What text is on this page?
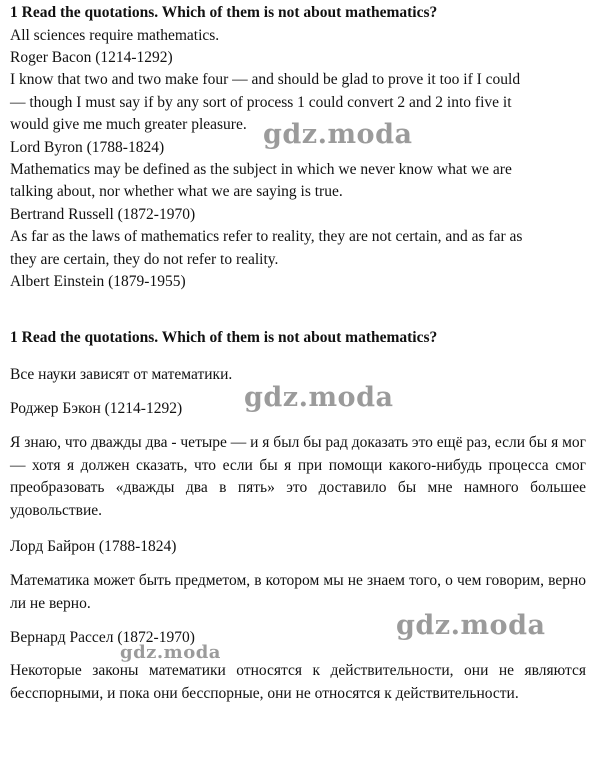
1 Read the quotations. Which of them is not about mathematics?
All sciences require mathematics.
Roger Bacon (1214-1292)
I know that two and two make four — and should be glad to prove it too if I could
— though I must say if by any sort of process 1 could convert 2 and 2 into five it
would give me much greater pleasure.
Lord Byron (1788-1824)
Mathematics may be defined as the subject in which we never know what we are
talking about, nor whether what we are saying is true.
Bertrand Russell (1872-1970)
As far as the laws of mathematics refer to reality, they are not certain, and as far as
they are certain, they do not refer to reality.
Albert Einstein (1879-1955)
1 Read the quotations. Which of them is not about mathematics?
Все науки зависят от математики.
Роджер Бэкон (1214-1292)
Я знаю, что дважды два - четыре — и я был бы рад доказать это ещё раз, если бы я мог — хотя я должен сказать, что если бы я при помощи какого-нибудь процесса смог преобразовать «дважды два в пять» это доставило бы мне намного большее удовольствие.
Лорд Байрон (1788-1824)
Математика может быть предметом, в котором мы не знаем того, о чем говорим, верно ли не верно.
Вернард Рассел (1872-1970)
Некоторые законы математики относятся к действительности, они не являются бесспорными, и пока они бесспорные, они не относятся к действительности.
gdz.moda
gdz.moda
gdz.moda
gdz.moda
